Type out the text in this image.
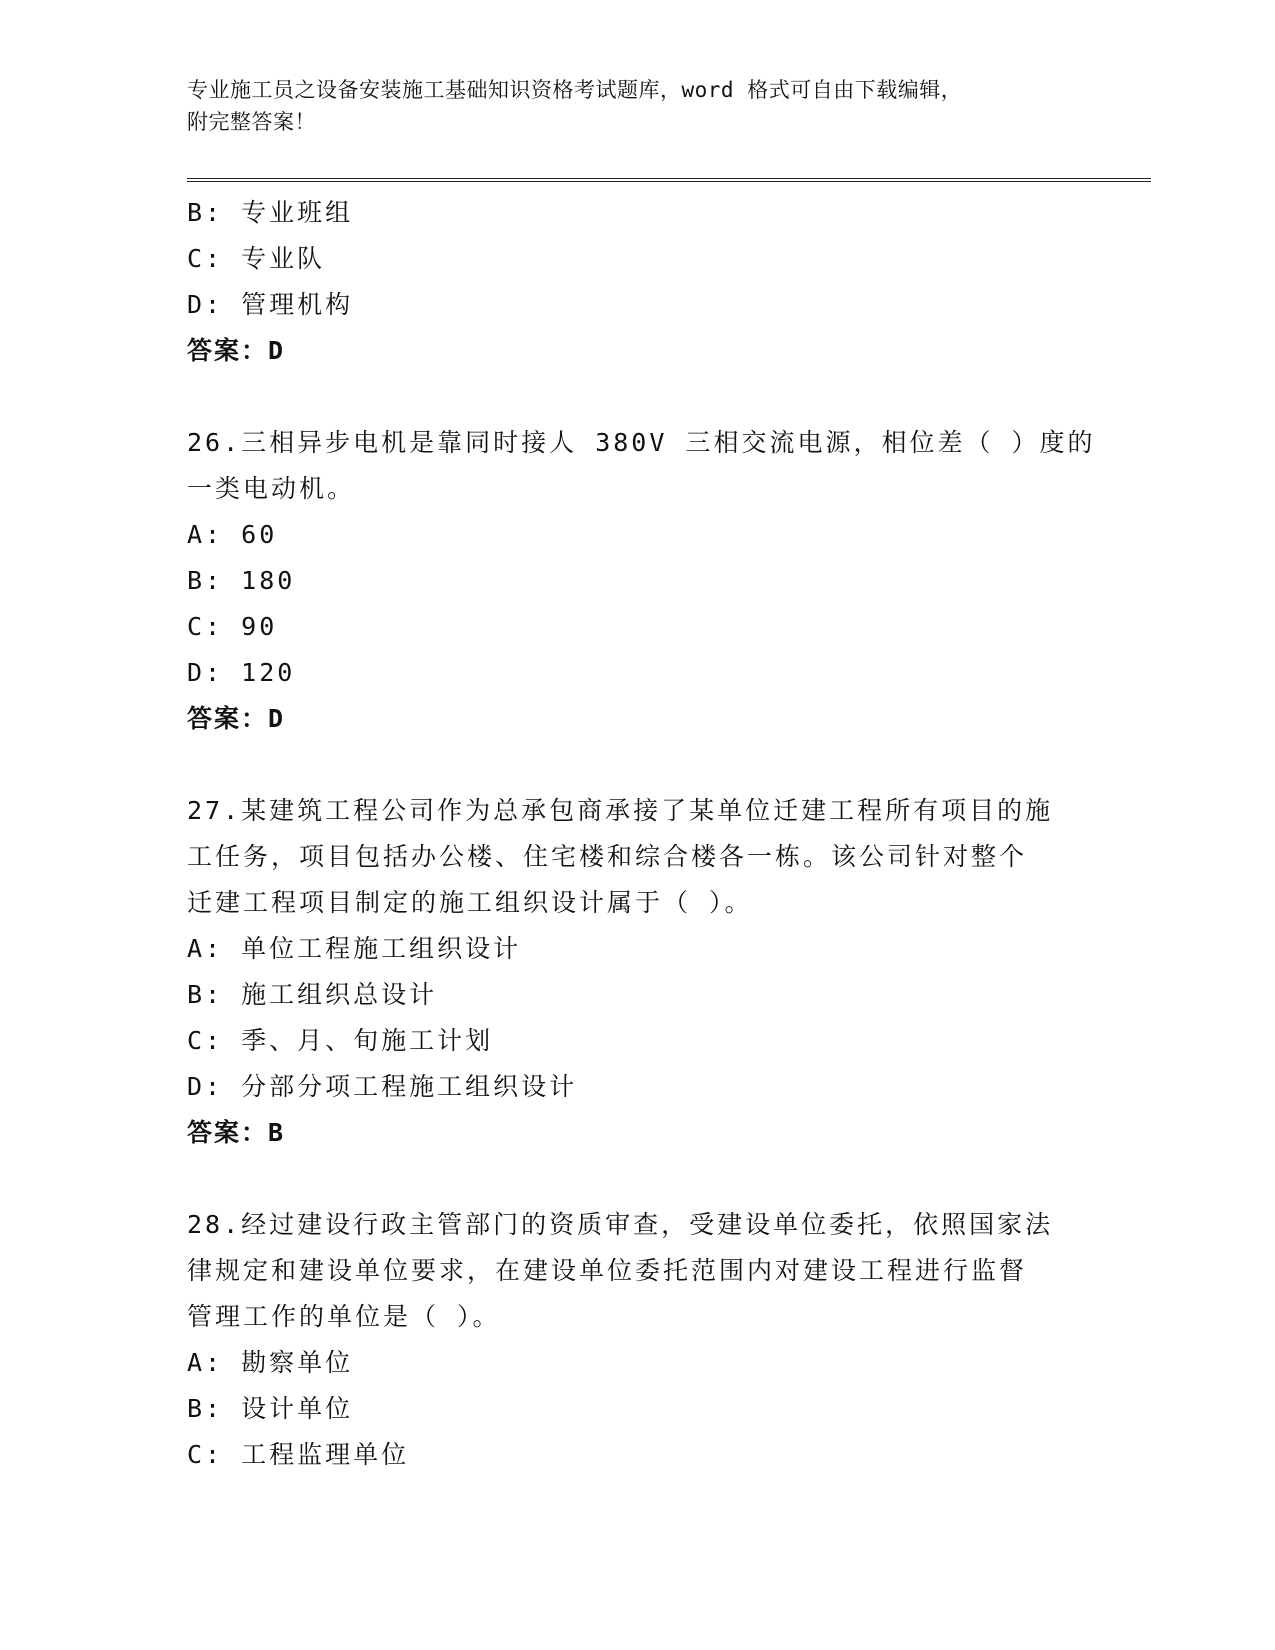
专业施工员之设备安装施工基础知识资格考试题库，word 格式可自由下载编辑，
附完整答案！
B: 专业班组
C: 专业队
D: 管理机构
答案：D
26.三相异步电机是靠同时接人 380V 三相交流电源，相位差（ ）度的
一类电动机。
A: 60
B: 180
C: 90
D: 120
答案：D
27.某建筑工程公司作为总承包商承接了某单位迁建工程所有项目的施
工任务，项目包括办公楼、住宅楼和综合楼各一栋。该公司针对整个
迁建工程项目制定的施工组织设计属于（ ）。
A: 单位工程施工组织设计
B: 施工组织总设计
C: 季、月、旬施工计划
D: 分部分项工程施工组织设计
答案：B
28.经过建设行政主管部门的资质审查，受建设单位委托，依照国家法
律规定和建设单位要求，在建设单位委托范围内对建设工程进行监督
管理工作的单位是（ ）。
A: 勘察单位
B: 设计单位
C: 工程监理单位
